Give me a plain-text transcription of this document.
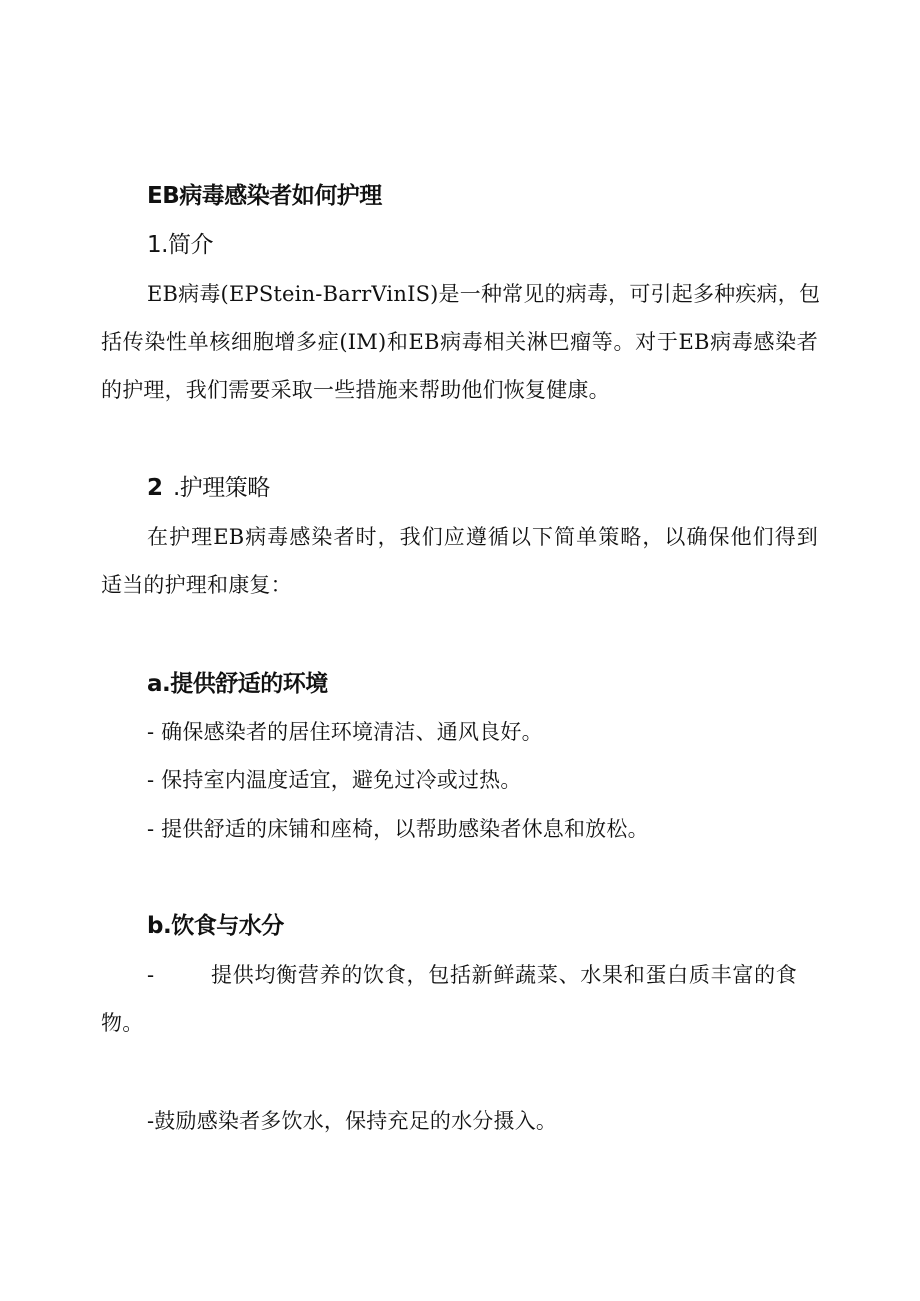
EB病毒感染者如何护理
1.简介
EB病毒(EPStein-BarrVinIS)是一种常见的病毒，可引起多种疾病，包
括传染性单核细胞增多症(IM)和EB病毒相关淋巴瘤等。对于EB病毒感染者
的护理，我们需要采取一些措施来帮助他们恢复健康。
2 .护理策略
在护理EB病毒感染者时，我们应遵循以下简单策略，以确保他们得到
适当的护理和康复：
a.提供舒适的环境
- 确保感染者的居住环境清洁、通风良好。
- 保持室内温度适宜，避免过冷或过热。
- 提供舒适的床铺和座椅，以帮助感染者休息和放松。
b.饮食与水分
-	提供均衡营养的饮食，包括新鲜蔬菜、水果和蛋白质丰富的食
物。
-鼓励感染者多饮水，保持充足的水分摄入。
